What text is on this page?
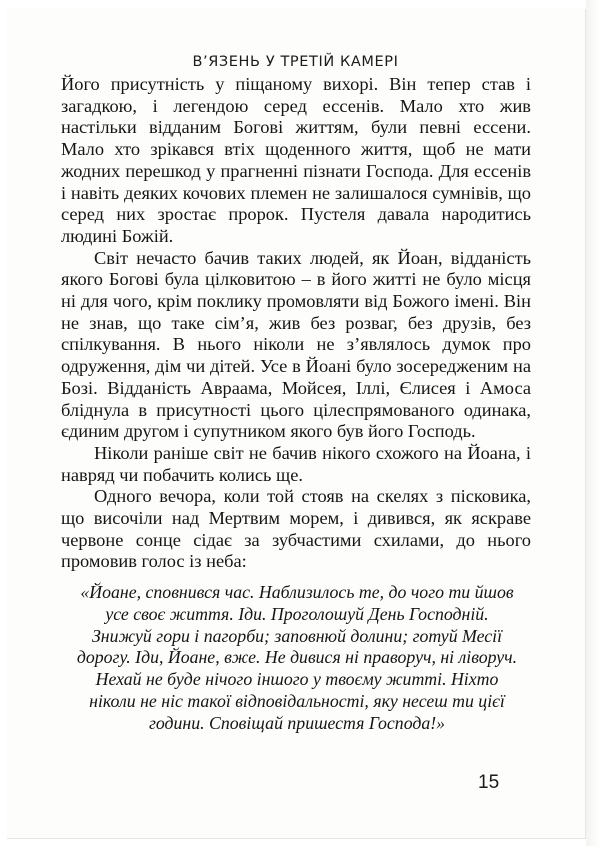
В’ЯЗЕНЬ У ТРЕТІЙ КАМЕРІ

Його присутність у піщаному вихорі. Він тепер став і загадкою, і легендою серед ессенів. Мало хто жив настільки відданим Богові життям, були певні ессени. Мало хто зрікався втіх щоденного життя, щоб не мати жодних перешкод у прагненні пізнати Господа. Для ессенів і навіть деяких кочових племен не залишалося сумнівів, що серед них зростає пророк. Пустеля давала народитись людині Божій.

Світ нечасто бачив таких людей, як Йоан, відданість якого Богові була цілковитою – в його житті не було місця ні для чого, крім поклику промовляти від Божого імені. Він не знав, що таке сім’я, жив без розваг, без друзів, без спілкування. В нього ніколи не з’являлось думок про одруження, дім чи дітей. Усе в Йоані було зосередженим на Бозі. Відданість Авраама, Мойсея, Іллі, Єлисея і Амоса бліднула в присутності цього цілеспрямованого одинака, єдиним другом і супутником якого був його Господь.

Ніколи раніше світ не бачив нікого схожого на Йоана, і навряд чи побачить колись ще.

Одного вечора, коли той стояв на скелях з пісковика, що височіли над Мертвим морем, і дивився, як яскраве червоне сонце сідає за зубчастими схилами, до нього промовив голос із неба:

«Йоане, сповнився час. Наблизилось те, до чого ти йшов усе своє життя. Іди. Проголошуй День Господній. Знижуй гори і пагорби; заповнюй долини; готуй Месії дорогу. Іди, Йоане, вже. Не дивися ні праворуч, ні ліворуч. Нехай не буде нічого іншого у твоєму житті. Ніхто ніколи не ніс такої відповідальності, яку несеш ти цієї години. Сповіщай пришестя Господа!»
15
